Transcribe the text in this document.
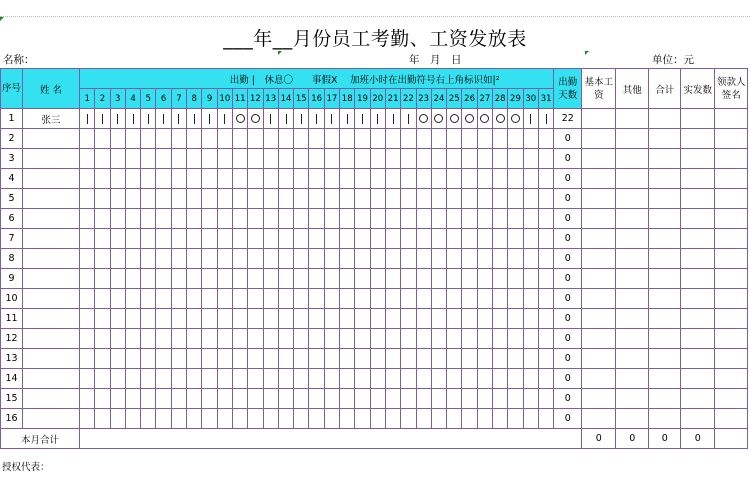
___年__月份员工考勤、工资发放表
名称：	年　月　日	单位：元
序号	姓 名	出勤 |　休息〇　　事假X　 加班小时在出勤符号右上角标识如|²																															出勤天数	基本工资	其他	合计	实发数	领款人签名
		1	2	3	4	5	6	7	8	9	10	11	12	13	14	15	16	17	18	19	20	21	22	23	24	25	26	27	28	29	30	31						
1	张三																																22					
2																																	0					
3																																	0					
4																																	0					
5																																	0					
6																																	0					
7																																	0					
8																																	0					
9																																	0					
10																																	0					
11																																	0					
12																																	0					
13																																	0					
14																																	0					
15																																	0					
16																																	0					
本月合计																																		0	0	0	0	
授权代表：
